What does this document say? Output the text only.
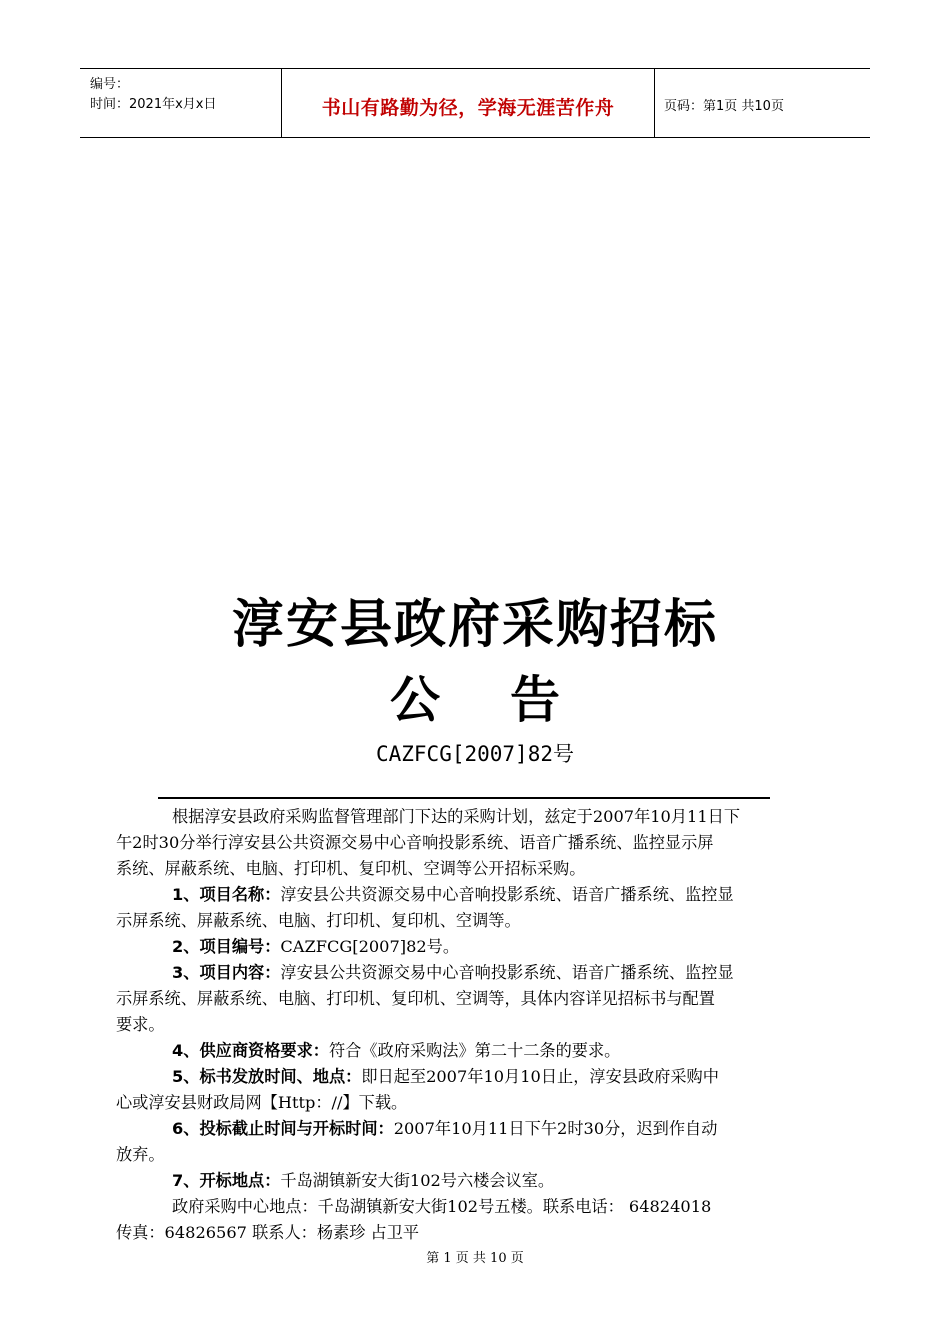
编号：
时间：2021年x月x日	书山有路勤为径，学海无涯苦作舟	页码：第1页 共10页
淳安县政府采购招标
公 告
CAZFCG[2007]82号
根据淳安县政府采购监督管理部门下达的采购计划，兹定于2007年10月11日下
午2时30分举行淳安县公共资源交易中心音响投影系统、语音广播系统、监控显示屏
系统、屏蔽系统、电脑、打印机、复印机、空调等公开招标采购。
1、项目名称：淳安县公共资源交易中心音响投影系统、语音广播系统、监控显
示屏系统、屏蔽系统、电脑、打印机、复印机、空调等。
2、项目编号：CAZFCG[2007]82号。
3、项目内容：淳安县公共资源交易中心音响投影系统、语音广播系统、监控显
示屏系统、屏蔽系统、电脑、打印机、复印机、空调等，具体内容详见招标书与配置
要求。
4、供应商资格要求：符合《政府采购法》第二十二条的要求。
5、标书发放时间、地点：即日起至2007年10月10日止，淳安县政府采购中
心或淳安县财政局网【Http：//】下载。
6、投标截止时间与开标时间：2007年10月11日下午2时30分，迟到作自动
放弃。
7、开标地点：千岛湖镇新安大街102号六楼会议室。
政府采购中心地点：千岛湖镇新安大街102号五楼。联系电话： 64824018
传真：64826567 联系人：杨素珍 占卫平
第 1 页 共 10 页
